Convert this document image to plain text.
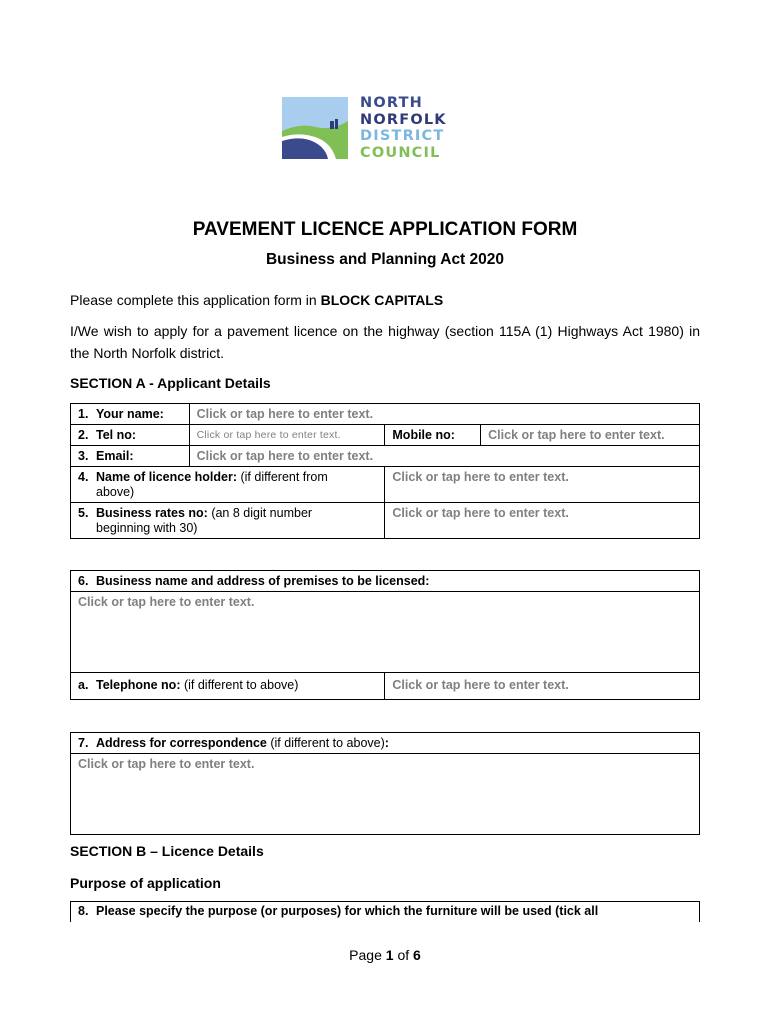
NORTH
NORFOLK
DISTRICT
COUNCIL
PAVEMENT LICENCE APPLICATION FORM
Business and Planning Act 2020
Please complete this application form in BLOCK CAPITALS
I/We wish to apply for a pavement licence on the highway (section 115A (1) Highways Act 1980) in the North Norfolk district.
SECTION A - Applicant Details
1. Your name:	Click or tap here to enter text.		
2. Tel no:	Click or tap here to enter text.	Mobile no:	Click or tap here to enter text.
3. Email:	Click or tap here to enter text.		
4. Name of licence holder: (if different from
above)		Click or tap here to enter text.	
5. Business rates no: (an 8 digit number
beginning with 30)		Click or tap here to enter text.	
6. Business name and address of premises to be licensed:
Click or tap here to enter text.
a. Telephone no: (if different to above)	Click or tap here to enter text.
7. Address for correspondence (if different to above):
Click or tap here to enter text.
SECTION B – Licence Details
Purpose of application
8. Please specify the purpose (or purposes) for which the furniture will be used (tick all
Page 1 of 6
